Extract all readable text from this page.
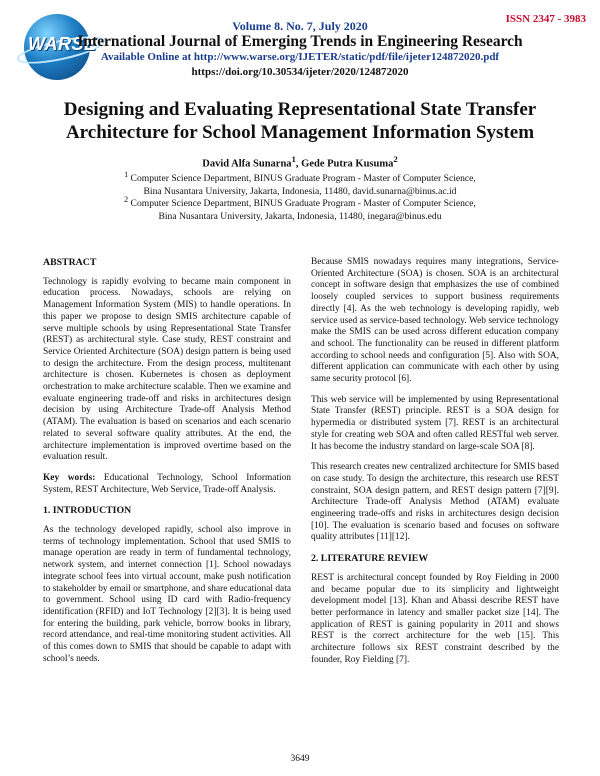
WARSE
ISSN 2347 - 3983
Volume 8. No. 7, July 2020
International Journal of Emerging Trends in Engineering Research
Available Online at http://www.warse.org/IJETER/static/pdf/file/ijeter124872020.pdf
https://doi.org/10.30534/ijeter/2020/124872020
Designing and Evaluating Representational State Transfer Architecture for School Management Information System
David Alfa Sunarna$^1$, Gede Putra Kusuma$^2$
$^1$ Computer Science Department, BINUS Graduate Program - Master of Computer Science,
Bina Nusantara University, Jakarta, Indonesia, 11480, david.sunarna@binus.ac.id
$^2$ Computer Science Department, BINUS Graduate Program - Master of Computer Science,
Bina Nusantara University, Jakarta, Indonesia, 11480, inegara@binus.edu
ABSTRACT

Technology is rapidly evolving to became main component in education process. Nowadays, schools are relying on Management Information System (MIS) to handle operations. In this paper we propose to design SMIS architecture capable of serve multiple schools by using Representational State Transfer (REST) as architectural style. Case study, REST constraint and Service Oriented Architecture (SOA) design pattern is being used to design the architecture. From the design process, multitenant architecture is chosen. Kubernetes is chosen as deployment orchestration to make architecture scalable. Then we examine and evaluate engineering trade-off and risks in architectures design decision by using Architecture Trade-off Analysis Method (ATAM). The evaluation is based on scenarios and each scenario related to several software quality attributes. At the end, the architecture implementation is improved overtime based on the evaluation result.

Key words: Educational Technology, School Information System, REST Architecture, Web Service, Trade-off Analysis.

1. INTRODUCTION

As the technology developed rapidly, school also improve in terms of technology implementation. School that used SMIS to manage operation are ready in term of fundamental technology, network system, and internet connection [1]. School nowadays integrate school fees into virtual account, make push notification to stakeholder by email or smartphone, and share educational data to government. School using ID card with Radio-frequency identification (RFID) and IoT Technology [2][3]. It is being used for entering the building, park vehicle, borrow books in library, record attendance, and real-time monitoring student activities. All of this comes down to SMIS that should be capable to adapt with school’s needs.

Because SMIS nowadays requires many integrations, Service-Oriented Architecture (SOA) is chosen. SOA is an architectural concept in software design that emphasizes the use of combined loosely coupled services to support business requirements directly [4]. As the web technology is developing rapidly, web service used as service-based technology. Web service technology make the SMIS can be used across different education company and school. The functionality can be reused in different platform according to school needs and configuration [5]. Also with SOA, different application can communicate with each other by using same security protocol [6].

This web service will be implemented by using Representational State Transfer (REST) principle. REST is a SOA design for hypermedia or distributed system [7]. REST is an architectural style for creating web SOA and often called RESTful web server. It has become the industry standard on large-scale SOA [8].

This research creates new centralized architecture for SMIS based on case study. To design the architecture, this research use REST constraint, SOA design pattern, and REST design pattern [7][9]. Architecture Trade-off Analysis Method (ATAM) evaluate engineering trade-offs and risks in architectures design decision [10]. The evaluation is scenario based and focuses on software quality attributes [11][12].

2. LITERATURE REVIEW

REST is architectural concept founded by Roy Fielding in 2000 and became popular due to its simplicity and lightweight development model [13]. Khan and Abassi describe REST have better performance in latency and smaller packet size [14]. The application of REST is gaining popularity in 2011 and shows REST is the correct architecture for the web [15]. This architecture follows six REST constraint described by the founder, Roy Fielding [7].

3649
